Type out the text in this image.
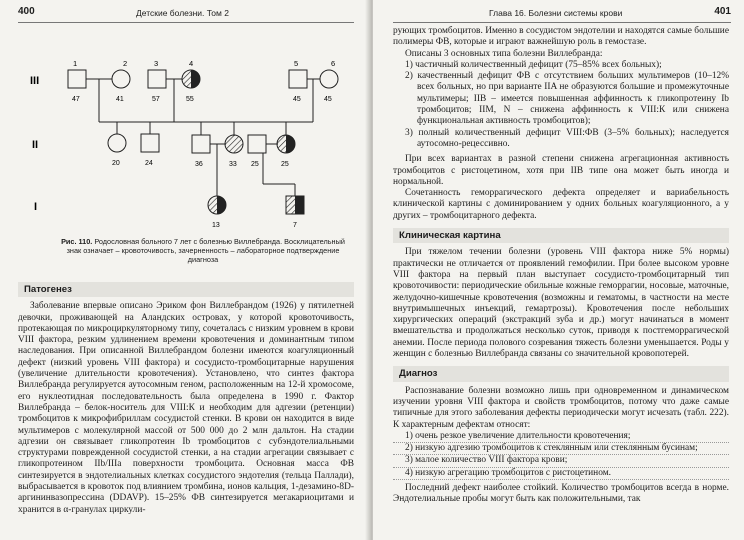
400	Детские болезни. Том 2
III
II
I
1	2	3	4	5	6
47	41	57	55	45	45
20	24	36	33 25	25
13	7
Рис. 110. Родословная больного 7 лет с болезнью Виллебранда. Восклицательный знак означает – кровоточивость, зачерненность – лабораторное подтверждение диагноза
Патогенез

Заболевание впервые описано Эриком фон Виллебрандом (1926) у пятилетней девочки, проживающей на Аландских островах, у которой кровоточивость, протекающая по микроциркуляторному типу, сочеталась с низким уровнем в крови VIII фактора, резким удлинением времени кровотечения и доминантным типом наследования. При описанной Виллебрандом болезни имеются коагуляционный дефект (низкий уровень VIII фактора) и сосудисто-тромбоцитарные нарушения (увеличение длительности кровотечения). Установлено, что синтез фактора Виллебранда регулируется аутосомным геном, расположенным на 12-й хромосоме, его нуклеотидная последовательность была определена в 1990 г. Фактор Виллебранда – белок-носитель для VIII:К и необходим для адгезии (ретенции) тромбоцитов к микрофибриллам сосудистой стенки. В крови он находится в виде мультимеров с молекулярной массой от 500 000 до 2 млн дальтон. На стадии адгезии он связывает гликопротеин Ib тромбоцитов с субэндотелиальными структурами поврежденной сосудистой стенки, а на стадии агрегации связывает с гликопротеином IIb/IIIa поверхности тромбоцита. Основная масса ФВ синтезируется в эндотелиальных клетках сосудистого эндотелия (тельца Паллади), выбрасывается в кровоток под влиянием тромбина, ионов кальция, 1-дезамино-8D-аргининвазопрессина (DDAVP). 15–25% ФВ синтезируется мегакариоцитами и хранится в α-гранулах циркули-

Глава 16. Болезни системы крови	401

рующих тромбоцитов. Именно в сосудистом эндотелии и находятся самые большие полимеры ФВ, которые и играют важнейшую роль в гемостазе.

Описаны 3 основных типа болезни Виллебранда:

1) частичный количественный дефицит (75–85% всех больных);

2) качественный дефицит ФВ с отсутствием больших мультимеров (10–12% всех больных, но при варианте IIA не образуются большие и промежуточные мультимеры; IIB – имеется повышенная аффинность к гликопротеину Ib тромбоцитов; IIM, N – снижена аффинность к VIII:К или снижена функциональная активность тромбоцитов);

3) полный количественный дефицит VIII:ФВ (3–5% больных); наследуется аутосомно-рецессивно.

При всех вариантах в разной степени снижена агрегационная активность тромбоцитов с ристоцетином, хотя при IIB типе она может быть иногда и нормальной.

Сочетанность геморрагического дефекта определяет и вариабельность клинической картины с доминированием у одних больных коагуляционного, а у других – тромбоцитарного дефекта.

Клиническая картина

При тяжелом течении болезни (уровень VIII фактора ниже 5% нормы) практически не отличается от проявлений гемофилии. При более высоком уровне VIII фактора на первый план выступает сосудисто-тромбоцитарный тип кровоточивости: периодические обильные кожные геморрагии, носовые, маточные, желудочно-кишечные кровотечения (возможны и гематомы, в частности на месте внутримышечных инъекций, гемартрозы). Кровотечения после небольших хирургических операций (экстракций зуба и др.) могут начинаться в момент вмешательства и продолжаться несколько суток, приводя к постгеморрагической анемии. После периода полового созревания тяжесть болезни уменьшается. Роды у женщин с болезнью Виллебранда связаны со значительной кровопотерей.

Диагноз

Распознавание болезни возможно лишь при одновременном и динамическом изучении уровня VIII фактора и свойств тромбоцитов, потому что даже самые типичные для этого заболевания дефекты периодически могут исчезать (табл. 222). К характерным дефектам относят:

1) очень резкое увеличение длительности кровотечения;

2) низкую адгезию тромбоцитов к стеклянным или стеклянным бусинам;

3) малое количество VIII фактора крови;

4) низкую агрегацию тромбоцитов с ристоцетином.

Последний дефект наиболее стойкий. Количество тромбоцитов всегда в норме. Эндотелиальные пробы могут быть как положительными, так
